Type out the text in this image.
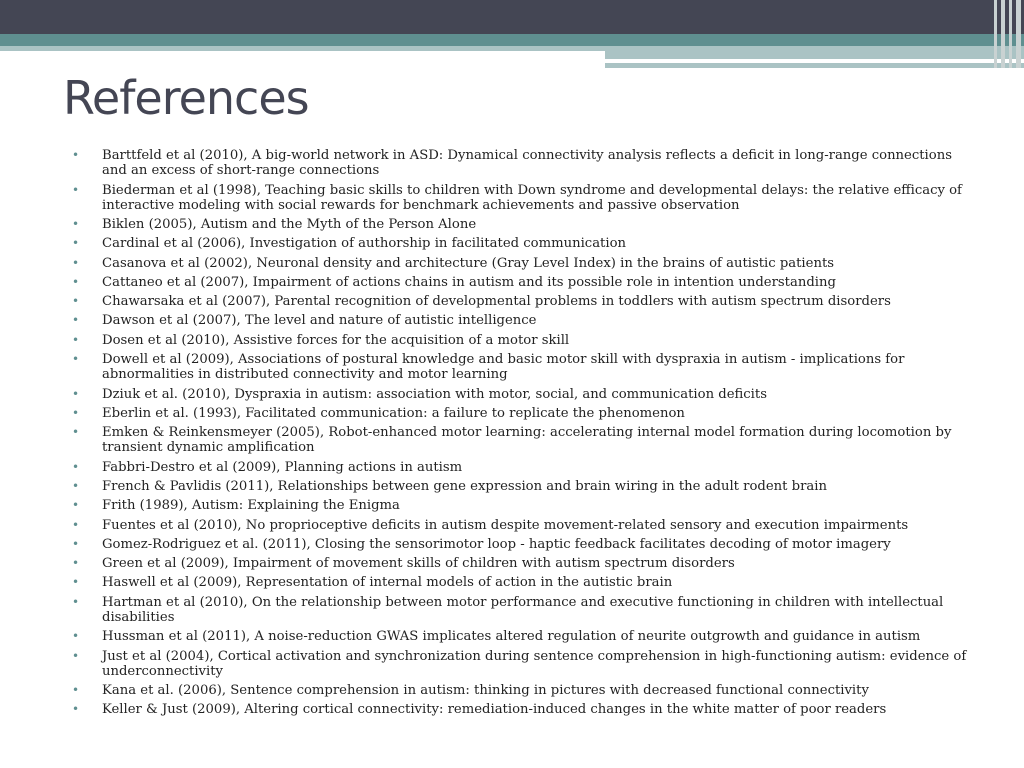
References
• Barttfeld et al (2010), A big-world network in ASD: Dynamical connectivity analysis reflects a deficit in long-range connections and an excess of short-range connections
• Biederman et al (1998), Teaching basic skills to children with Down syndrome and developmental delays: the relative efficacy of interactive modeling with social rewards for benchmark achievements and passive observation
• Biklen (2005), Autism and the Myth of the Person Alone
• Cardinal et al (2006), Investigation of authorship in facilitated communication
• Casanova et al (2002), Neuronal density and architecture (Gray Level Index) in the brains of autistic patients
• Cattaneo et al (2007), Impairment of actions chains in autism and its possible role in intention understanding
• Chawarsaka et al (2007), Parental recognition of developmental problems in toddlers with autism spectrum disorders
• Dawson et al (2007), The level and nature of autistic intelligence
• Dosen et al (2010), Assistive forces for the acquisition of a motor skill
• Dowell et al (2009), Associations of postural knowledge and basic motor skill with dyspraxia in autism - implications for abnormalities in distributed connectivity and motor learning
• Dziuk et al. (2010), Dyspraxia in autism: association with motor, social, and communication deficits
• Eberlin et al. (1993), Facilitated communication: a failure to replicate the phenomenon
• Emken & Reinkensmeyer (2005), Robot-enhanced motor learning: accelerating internal model formation during locomotion by transient dynamic amplification
• Fabbri-Destro et al (2009), Planning actions in autism
• French & Pavlidis (2011), Relationships between gene expression and brain wiring in the adult rodent brain
• Frith (1989), Autism: Explaining the Enigma
• Fuentes et al (2010), No proprioceptive deficits in autism despite movement-related sensory and execution impairments
• Gomez-Rodriguez et al. (2011), Closing the sensorimotor loop - haptic feedback facilitates decoding of motor imagery
• Green et al (2009), Impairment of movement skills of children with autism spectrum disorders
• Haswell et al (2009), Representation of internal models of action in the autistic brain
• Hartman et al (2010), On the relationship between motor performance and executive functioning in children with intellectual disabilities
• Hussman et al (2011), A noise-reduction GWAS implicates altered regulation of neurite outgrowth and guidance in autism
• Just et al (2004), Cortical activation and synchronization during sentence comprehension in high-functioning autism: evidence of underconnectivity
• Kana et al. (2006), Sentence comprehension in autism: thinking in pictures with decreased functional connectivity
• Keller & Just (2009), Altering cortical connectivity: remediation-induced changes in the white matter of poor readers
